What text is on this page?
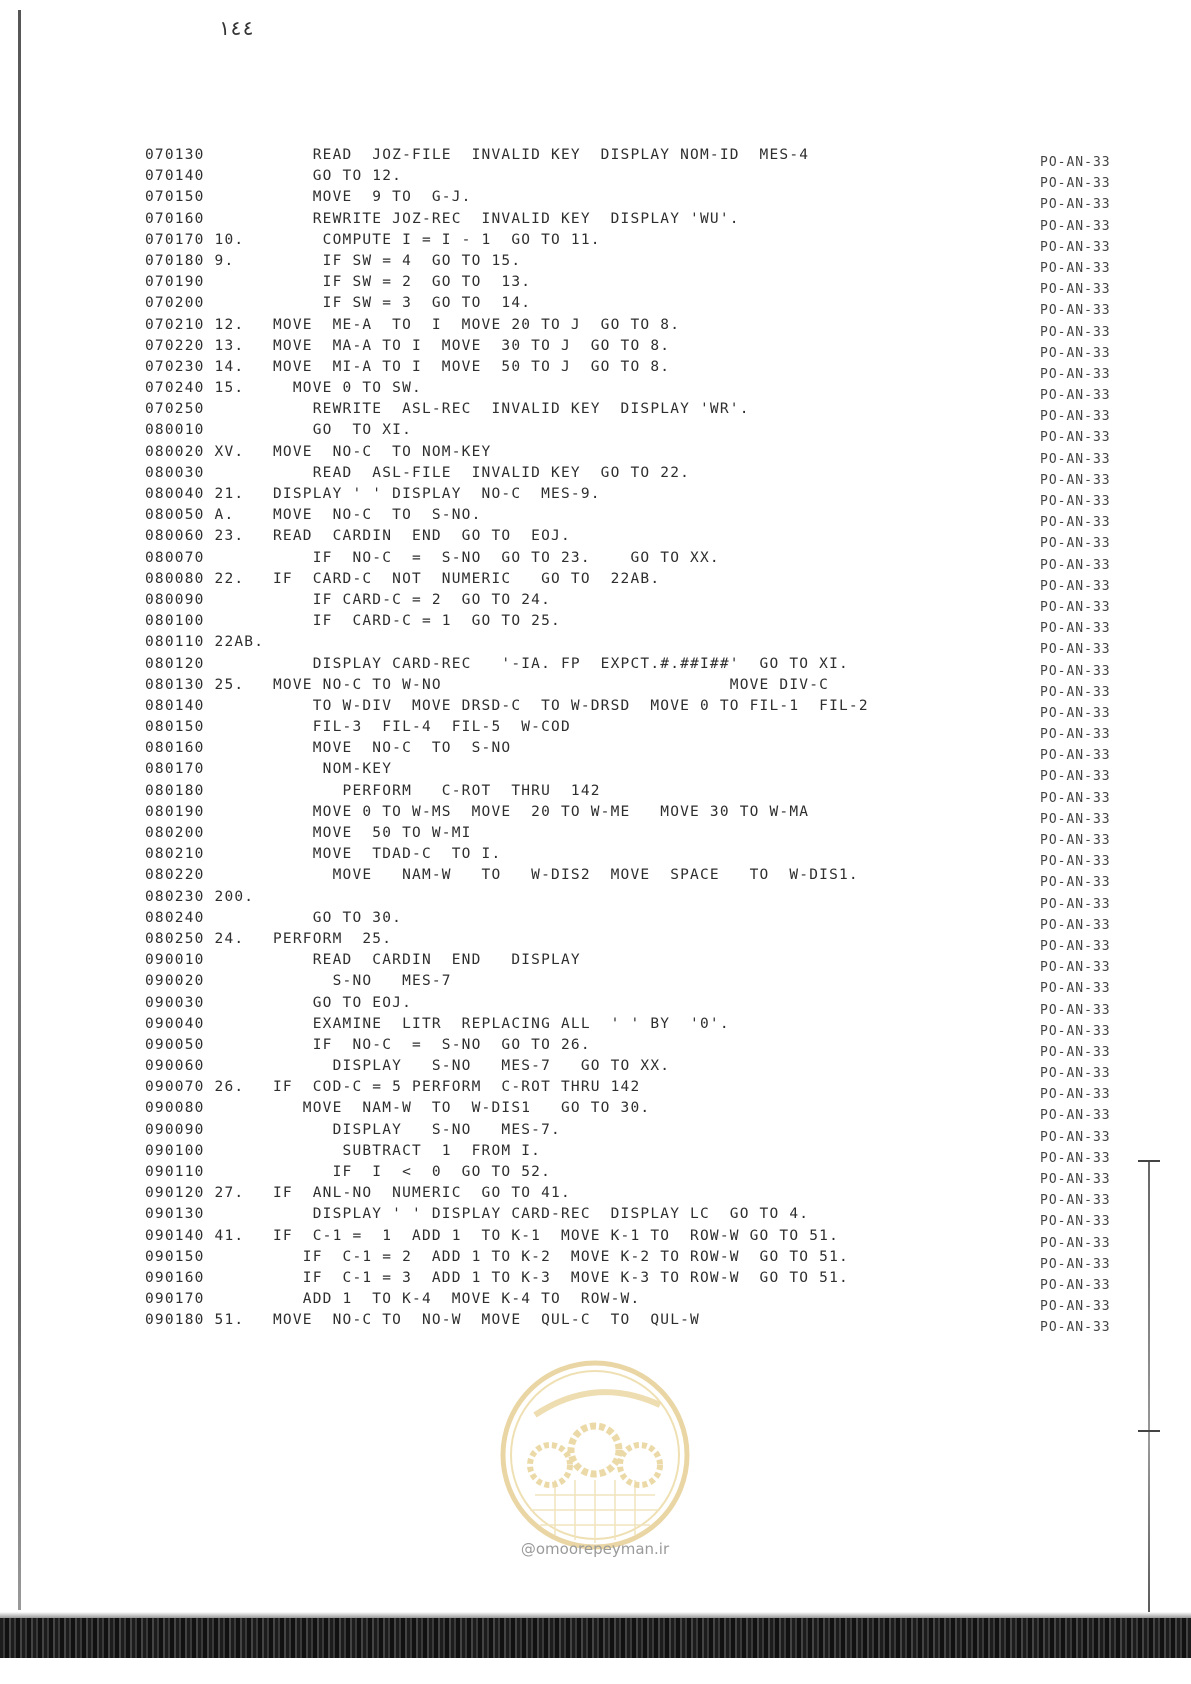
١٤٤
070130	READ  JOZ-FILE  INVALID KEY  DISPLAY NOM-ID  MES-4
070140	GO TO 12.
070150	MOVE  9 TO  G-J.
070160	REWRITE JOZ-REC  INVALID KEY  DISPLAY 'WU'.
070170 10.	COMPUTE I = I - 1  GO TO 11.
070180 9.	IF SW = 4  GO TO 15.
070190	IF SW = 2  GO TO  13.
070200	IF SW = 3  GO TO  14.
070210 12.	MOVE  ME-A  TO  I  MOVE 20 TO J  GO TO 8.
070220 13.	MOVE  MA-A TO I  MOVE  30 TO J  GO TO 8.
070230 14.	MOVE  MI-A TO I  MOVE  50 TO J  GO TO 8.
070240 15.	MOVE 0 TO SW.
070250	REWRITE  ASL-REC  INVALID KEY  DISPLAY 'WR'.
080010	GO  TO XI.
080020 XV.	MOVE  NO-C  TO NOM-KEY
080030	READ  ASL-FILE  INVALID KEY  GO TO 22.
080040 21.	DISPLAY ' ' DISPLAY  NO-C  MES-9.
080050 A.	MOVE  NO-C  TO  S-NO.
080060 23.	READ  CARDIN  END  GO TO  EOJ.
080070	IF  NO-C  =  S-NO  GO TO 23.    GO TO XX.
080080 22.	IF  CARD-C  NOT  NUMERIC   GO TO  22AB.
080090	IF CARD-C = 2  GO TO 24.
080100	IF  CARD-C = 1  GO TO 25.
080110 22AB.
080120	DISPLAY CARD-REC   '-IA. FP  EXPCT.#.##I##'  GO TO XI.
080130 25.	MOVE NO-C TO W-NO                             MOVE DIV-C
080140	TO W-DIV  MOVE DRSD-C  TO W-DRSD  MOVE 0 TO FIL-1  FIL-2
080150	FIL-3  FIL-4  FIL-5  W-COD
080160	MOVE  NO-C  TO  S-NO
080170	NOM-KEY
080180	PERFORM   C-ROT  THRU  142
080190	MOVE 0 TO W-MS  MOVE  20 TO W-ME   MOVE 30 TO W-MA
080200	MOVE  50 TO W-MI
080210	MOVE  TDAD-C  TO I.
080220	MOVE   NAM-W   TO   W-DIS2  MOVE  SPACE   TO  W-DIS1.
080230 200.
080240	GO TO 30.
080250 24.	PERFORM  25.
090010	READ  CARDIN  END   DISPLAY
090020	S-NO   MES-7
090030	GO TO EOJ.
090040	EXAMINE  LITR  REPLACING ALL  ' ' BY  '0'.
090050	IF  NO-C  =  S-NO  GO TO 26.
090060	DISPLAY   S-NO   MES-7   GO TO XX.
090070 26.	IF  COD-C = 5 PERFORM  C-ROT THRU 142
090080	MOVE  NAM-W  TO  W-DIS1   GO TO 30.
090090	DISPLAY   S-NO   MES-7.
090100	SUBTRACT  1  FROM I.
090110	IF  I  <  0  GO TO 52.
090120 27.	IF  ANL-NO  NUMERIC  GO TO 41.
090130	DISPLAY ' ' DISPLAY CARD-REC  DISPLAY LC  GO TO 4.
090140 41.	IF  C-1 =  1  ADD 1  TO K-1  MOVE K-1 TO  ROW-W GO TO 51.
090150	IF  C-1 = 2  ADD 1 TO K-2  MOVE K-2 TO ROW-W  GO TO 51.
090160	IF  C-1 = 3  ADD 1 TO K-3  MOVE K-3 TO ROW-W  GO TO 51.
090170	ADD 1  TO K-4  MOVE K-4 TO  ROW-W.
090180 51.	MOVE  NO-C TO  NO-W  MOVE  QUL-C  TO  QUL-W
PO-AN-33
PO-AN-33
PO-AN-33
PO-AN-33
PO-AN-33
PO-AN-33
PO-AN-33
PO-AN-33
PO-AN-33
PO-AN-33
PO-AN-33
PO-AN-33
PO-AN-33
PO-AN-33
PO-AN-33
PO-AN-33
PO-AN-33
PO-AN-33
PO-AN-33
PO-AN-33
PO-AN-33
PO-AN-33
PO-AN-33
PO-AN-33
PO-AN-33
PO-AN-33
PO-AN-33
PO-AN-33
PO-AN-33
PO-AN-33
PO-AN-33
PO-AN-33
PO-AN-33
PO-AN-33
PO-AN-33
PO-AN-33
PO-AN-33
PO-AN-33
PO-AN-33
PO-AN-33
PO-AN-33
PO-AN-33
PO-AN-33
PO-AN-33
PO-AN-33
PO-AN-33
PO-AN-33
PO-AN-33
PO-AN-33
PO-AN-33
PO-AN-33
PO-AN-33
PO-AN-33
PO-AN-33
PO-AN-33
PO-AN-33
@omoorepeyman.ir
